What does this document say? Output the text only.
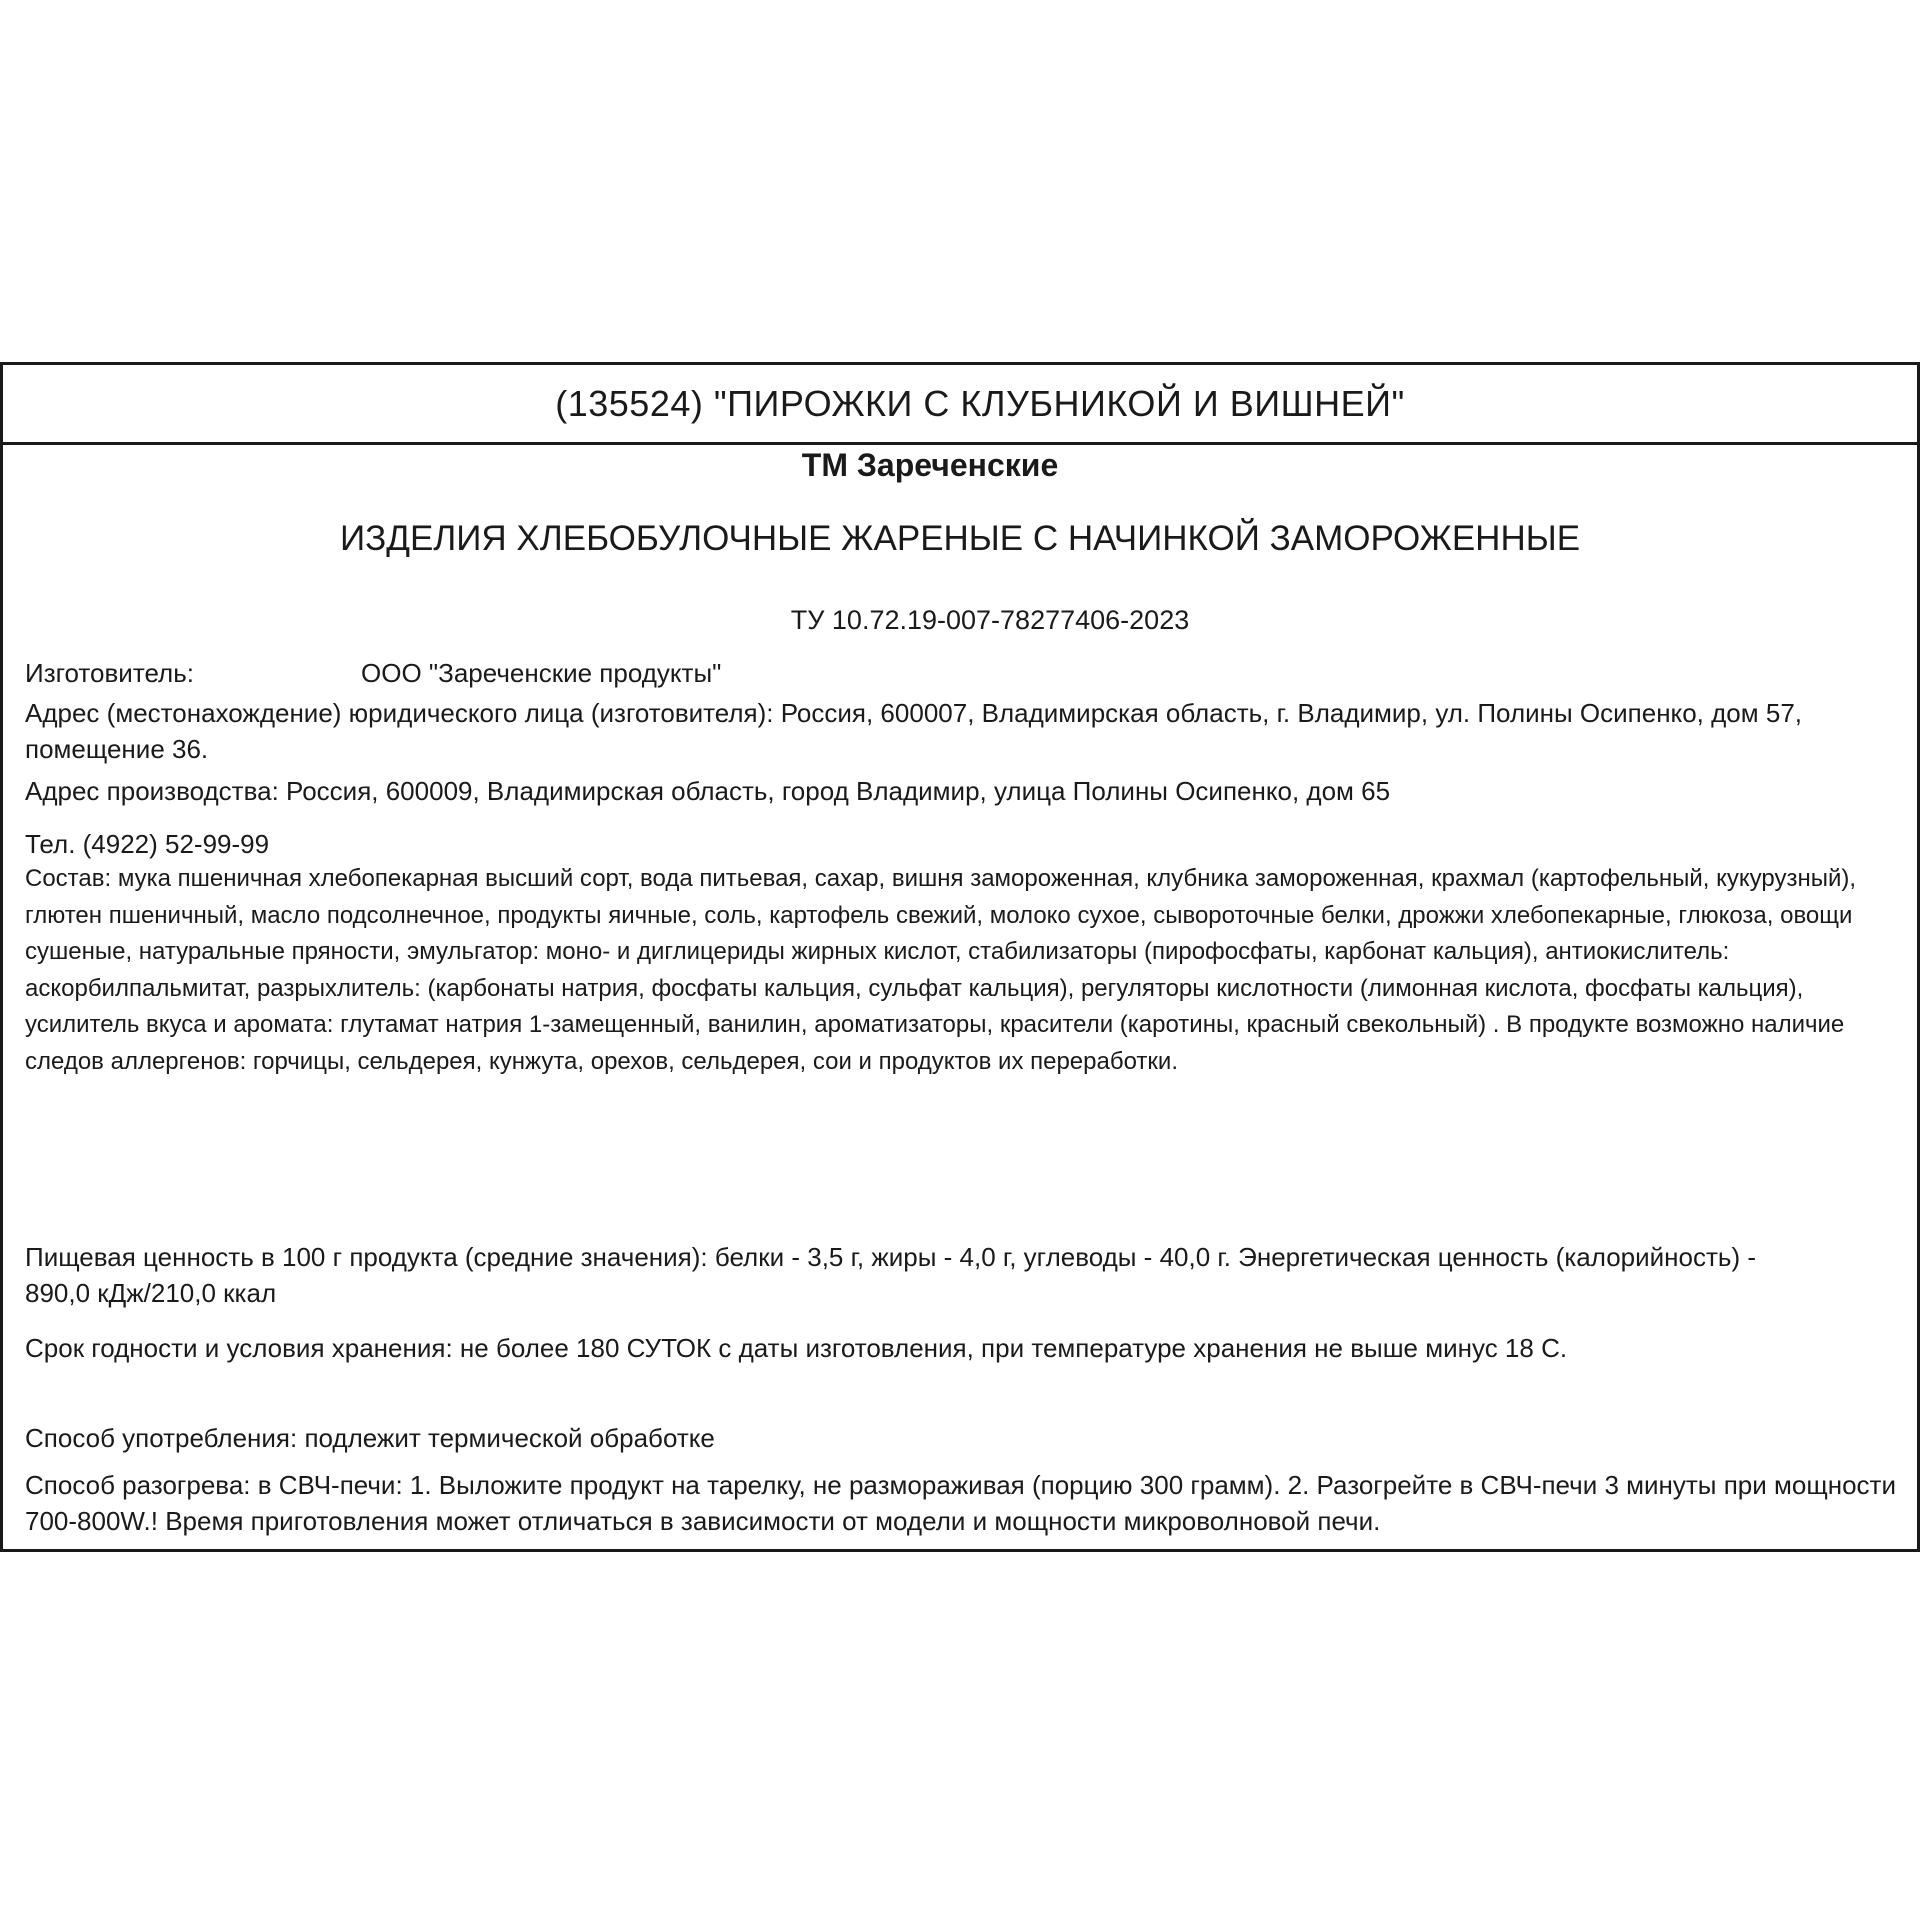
(135524) "ПИРОЖКИ С КЛУБНИКОЙ И ВИШНЕЙ"
ТМ Зареченские
ИЗДЕЛИЯ ХЛЕБОБУЛОЧНЫЕ ЖАРЕНЫЕ С НАЧИНКОЙ ЗАМОРОЖЕННЫЕ
ТУ 10.72.19-007-78277406-2023
Изготовитель:	ООО "Зареченские продукты"
Адрес (местонахождение) юридического лица (изготовителя): Россия, 600007, Владимирская область, г. Владимир, ул. Полины Осипенко, дом 57, помещение 36.
Адрес производства: Россия, 600009, Владимирская область, город Владимир, улица Полины Осипенко, дом 65
Тел. (4922) 52-99-99
Состав: мука пшеничная хлебопекарная высший сорт, вода питьевая, сахар, вишня замороженная, клубника замороженная, крахмал (картофельный, кукурузный), глютен пшеничный, масло подсолнечное, продукты яичные, соль, картофель свежий, молоко сухое, сывороточные белки, дрожжи хлебопекарные, глюкоза, овощи сушеные, натуральные пряности, эмульгатор: моно- и диглицериды жирных кислот, стабилизаторы (пирофосфаты, карбонат кальция), антиокислитель: аскорбилпальмитат, разрыхлитель: (карбонаты натрия, фосфаты кальция, сульфат кальция), регуляторы кислотности (лимонная кислота, фосфаты кальция), усилитель вкуса и аромата: глутамат натрия 1-замещенный, ванилин, ароматизаторы, красители (каротины, красный свекольный) . В продукте возможно наличие следов аллергенов: горчицы, сельдерея, кунжута, орехов, сельдерея, сои и продуктов их переработки.
Пищевая ценность в 100 г продукта (средние значения): белки - 3,5 г, жиры - 4,0 г, углеводы - 40,0 г. Энергетическая ценность (калорийность) - 890,0 кДж/210,0 ккал
Срок годности и условия хранения: не более 180 СУТОК с даты изготовления, при температуре хранения не выше минус 18 С.
Способ употребления: подлежит термической обработке
Способ разогрева: в СВЧ-печи: 1. Выложите продукт на тарелку, не размораживая (порцию 300 грамм). 2. Разогрейте в СВЧ-печи 3 минуты при мощности 700-800W.! Время приготовления может отличаться в зависимости от модели и мощности микроволновой печи.
